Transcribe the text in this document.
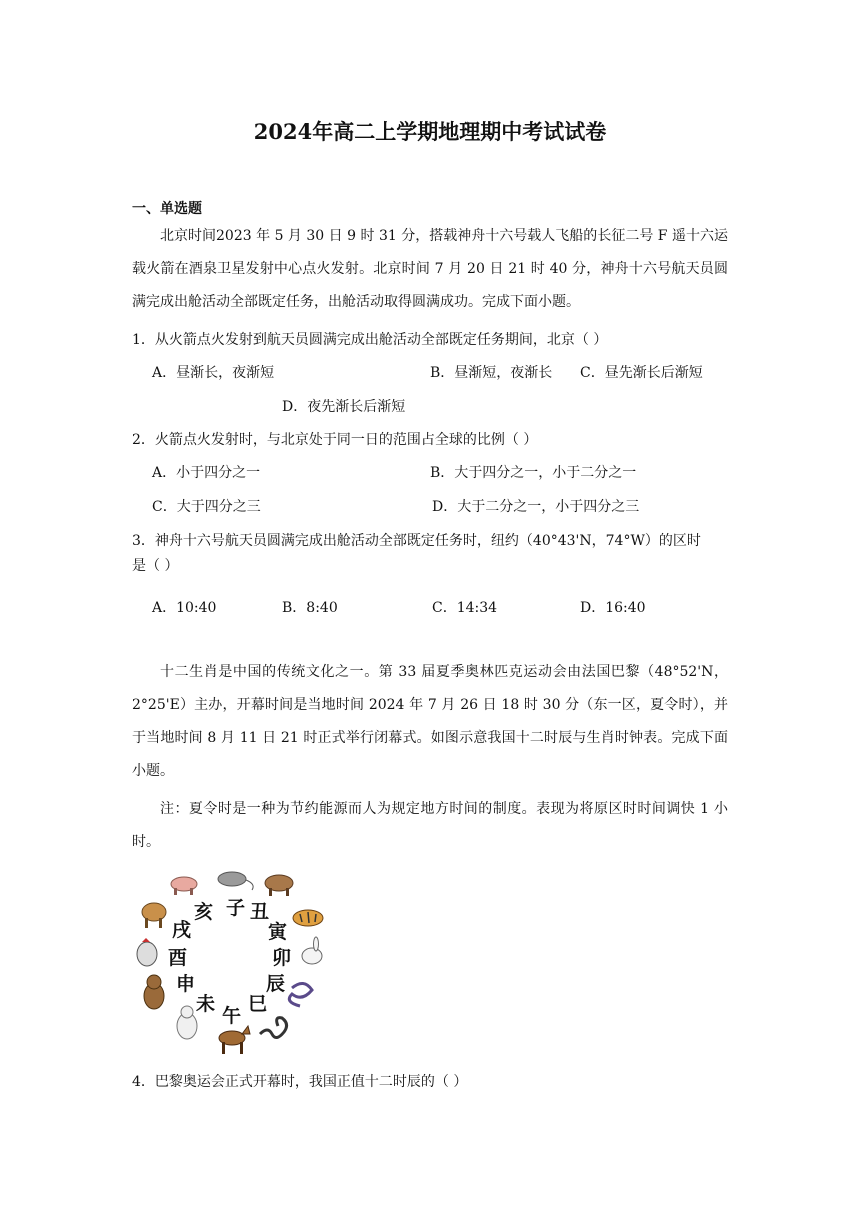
2024年高二上学期地理期中考试试卷
一、单选题
北京时间2023 年 5 月 30 日 9 时 31 分，搭载神舟十六号载人飞船的长征二号 F 遥十六运载火箭在酒泉卫星发射中心点火发射。北京时间 7 月 20 日 21 时 40 分，神舟十六号航天员圆满完成出舱活动全部既定任务，出舱活动取得圆满成功。完成下面小题。
1．从火箭点火发射到航天员圆满完成出舱活动全部既定任务期间，北京（ ）
A．昼渐长，夜渐短	B．昼渐短，夜渐长 C．昼先渐长后渐短
D．夜先渐长后渐短
2．火箭点火发射时，与北京处于同一日的范围占全球的比例（ ）
A．小于四分之一	B．大于四分之一，小于二分之一
C．大于四分之三	D．大于二分之一，小于四分之三
3．神舟十六号航天员圆满完成出舱活动全部既定任务时，纽约（40°43'N，74°W）的区时
是（ ）
A．10:40	B．8:40	C．14:34	D．16:40
十二生肖是中国的传统文化之一。第 33 届夏季奥林匹克运动会由法国巴黎（48°52'N，2°25'E）主办，开幕时间是当地时间 2024 年 7 月 26 日 18 时 30 分（东一区，夏令时），并于当地时间 8 月 11 日 21 时正式举行闭幕式。如图示意我国十二时辰与生肖时钟表。完成下面小题。
注：夏令时是一种为节约能源而人为规定地方时间的制度。表现为将原区时时间调快 1 小时。
子 丑
寅
卯
辰
巳
午
未
申
酉
戌
亥
4．巴黎奥运会正式开幕时，我国正值十二时辰的（ ）
